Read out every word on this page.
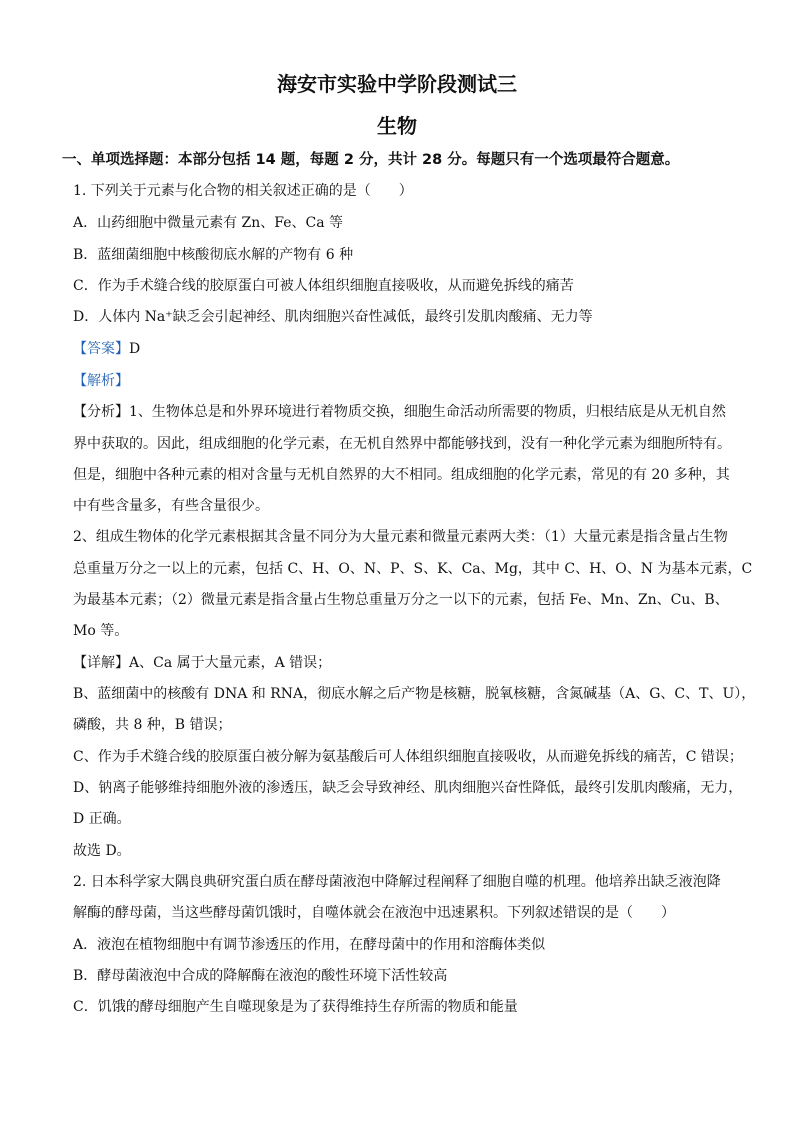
海安市实验中学阶段测试三
生物
一、单项选择题：本部分包括 14 题，每题 2 分，共计 28 分。每题只有一个选项最符合题意。
1. 下列关于元素与化合物的相关叙述正确的是（　　）
A．山药细胞中微量元素有 Zn、Fe、Ca 等
B．蓝细菌细胞中核酸彻底水解的产物有 6 种
C．作为手术缝合线的胶原蛋白可被人体组织细胞直接吸收，从而避免拆线的痛苦
D．人体内 Na⁺缺乏会引起神经、肌肉细胞兴奋性减低，最终引发肌肉酸痛、无力等
【答案】D
【解析】
【分析】1、生物体总是和外界环境进行着物质交换，细胞生命活动所需要的物质，归根结底是从无机自然
界中获取的。因此，组成细胞的化学元素，在无机自然界中都能够找到，没有一种化学元素为细胞所特有。
但是，细胞中各种元素的相对含量与无机自然界的大不相同。组成细胞的化学元素，常见的有 20 多种，其
中有些含量多，有些含量很少。
2、组成生物体的化学元素根据其含量不同分为大量元素和微量元素两大类：（1）大量元素是指含量占生物
总重量万分之一以上的元素，包括 C、H、O、N、P、S、K、Ca、Mg，其中 C、H、O、N 为基本元素，C
为最基本元素；（2）微量元素是指含量占生物总重量万分之一以下的元素，包括 Fe、Mn、Zn、Cu、B、
Mo 等。
【详解】A、Ca 属于大量元素，A 错误；
B、蓝细菌中的核酸有 DNA 和 RNA，彻底水解之后产物是核糖，脱氧核糖，含氮碱基（A、G、C、T、U），
磷酸，共 8 种，B 错误；
C、作为手术缝合线的胶原蛋白被分解为氨基酸后可人体组织细胞直接吸收，从而避免拆线的痛苦，C 错误；
D、钠离子能够维持细胞外液的渗透压，缺乏会导致神经、肌肉细胞兴奋性降低，最终引发肌肉酸痛，无力，
D 正确。
故选 D。
2. 日本科学家大隅良典研究蛋白质在酵母菌液泡中降解过程阐释了细胞自噬的机理。他培养出缺乏液泡降
解酶的酵母菌，当这些酵母菌饥饿时，自噬体就会在液泡中迅速累积。下列叙述错误的是（　　）
A．液泡在植物细胞中有调节渗透压的作用，在酵母菌中的作用和溶酶体类似
B．酵母菌液泡中合成的降解酶在液泡的酸性环境下活性较高
C．饥饿的酵母细胞产生自噬现象是为了获得维持生存所需的物质和能量
